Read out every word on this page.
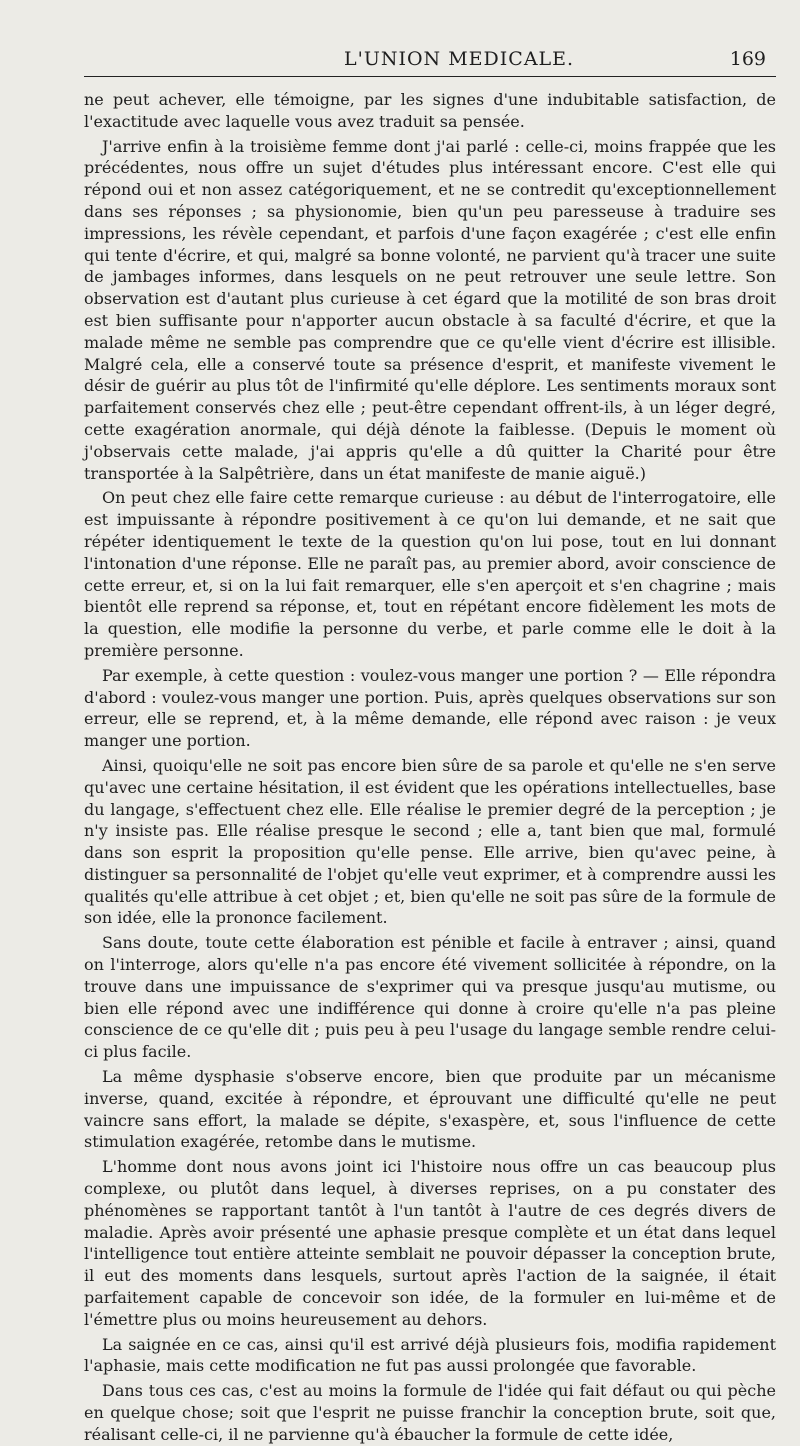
L'UNION MEDICALE.	169

ne peut achever, elle témoigne, par les signes d'une indubitable satisfaction, de l'exactitude avec laquelle vous avez traduit sa pensée.

J'arrive enfin à la troisième femme dont j'ai parlé : celle-ci, moins frappée que les précédentes, nous offre un sujet d'études plus intéressant encore. C'est elle qui répond oui et non assez catégoriquement, et ne se contredit qu'exceptionnellement dans ses réponses ; sa physionomie, bien qu'un peu paresseuse à traduire ses impressions, les révèle cependant, et parfois d'une façon exagérée ; c'est elle enfin qui tente d'écrire, et qui, malgré sa bonne volonté, ne parvient qu'à tracer une suite de jambages informes, dans lesquels on ne peut retrouver une seule lettre. Son observation est d'autant plus curieuse à cet égard que la motilité de son bras droit est bien suffisante pour n'apporter aucun obstacle à sa faculté d'écrire, et que la malade même ne semble pas comprendre que ce qu'elle vient d'écrire est illisible. Malgré cela, elle a conservé toute sa présence d'esprit, et manifeste vivement le désir de guérir au plus tôt de l'infirmité qu'elle déplore. Les sentiments moraux sont parfaitement conservés chez elle ; peut-être cependant offrent-ils, à un léger degré, cette exagération anormale, qui déjà dénote la faiblesse. (Depuis le moment où j'observais cette malade, j'ai appris qu'elle a dû quitter la Charité pour être transportée à la Salpêtrière, dans un état manifeste de manie aiguë.)

On peut chez elle faire cette remarque curieuse : au début de l'interrogatoire, elle est impuissante à répondre positivement à ce qu'on lui demande, et ne sait que répéter identiquement le texte de la question qu'on lui pose, tout en lui donnant l'intonation d'une réponse. Elle ne paraît pas, au premier abord, avoir conscience de cette erreur, et, si on la lui fait remarquer, elle s'en aperçoit et s'en chagrine ; mais bientôt elle reprend sa réponse, et, tout en répétant encore fidèlement les mots de la question, elle modifie la personne du verbe, et parle comme elle le doit à la première personne.

Par exemple, à cette question : voulez-vous manger une portion ? — Elle répondra d'abord : voulez-vous manger une portion. Puis, après quelques observations sur son erreur, elle se reprend, et, à la même demande, elle répond avec raison : je veux manger une portion.

Ainsi, quoiqu'elle ne soit pas encore bien sûre de sa parole et qu'elle ne s'en serve qu'avec une certaine hésitation, il est évident que les opérations intellectuelles, base du langage, s'effectuent chez elle. Elle réalise le premier degré de la perception ; je n'y insiste pas. Elle réalise presque le second ; elle a, tant bien que mal, formulé dans son esprit la proposition qu'elle pense. Elle arrive, bien qu'avec peine, à distinguer sa personnalité de l'objet qu'elle veut exprimer, et à comprendre aussi les qualités qu'elle attribue à cet objet ; et, bien qu'elle ne soit pas sûre de la formule de son idée, elle la prononce facilement.

Sans doute, toute cette élaboration est pénible et facile à entraver ; ainsi, quand on l'interroge, alors qu'elle n'a pas encore été vivement sollicitée à répondre, on la trouve dans une impuissance de s'exprimer qui va presque jusqu'au mutisme, ou bien elle répond avec une indifférence qui donne à croire qu'elle n'a pas pleine conscience de ce qu'elle dit ; puis peu à peu l'usage du langage semble rendre celui-ci plus facile.

La même dysphasie s'observe encore, bien que produite par un mécanisme inverse, quand, excitée à répondre, et éprouvant une difficulté qu'elle ne peut vaincre sans effort, la malade se dépite, s'exaspère, et, sous l'influence de cette stimulation exagérée, retombe dans le mutisme.

L'homme dont nous avons joint ici l'histoire nous offre un cas beaucoup plus complexe, ou plutôt dans lequel, à diverses reprises, on a pu constater des phénomènes se rapportant tantôt à l'un tantôt à l'autre de ces degrés divers de maladie. Après avoir présenté une aphasie presque complète et un état dans lequel l'intelligence tout entière atteinte semblait ne pouvoir dépasser la conception brute, il eut des moments dans lesquels, surtout après l'action de la saignée, il était parfaitement capable de concevoir son idée, de la formuler en lui-même et de l'émettre plus ou moins heureusement au dehors.

La saignée en ce cas, ainsi qu'il est arrivé déjà plusieurs fois, modifia rapidement l'aphasie, mais cette modification ne fut pas aussi prolongée que favorable.

Dans tous ces cas, c'est au moins la formule de l'idée qui fait défaut ou qui pèche en quelque chose; soit que l'esprit ne puisse franchir la conception brute, soit que, réalisant celle-ci, il ne parvienne qu'à ébaucher la formule de cette idée,
